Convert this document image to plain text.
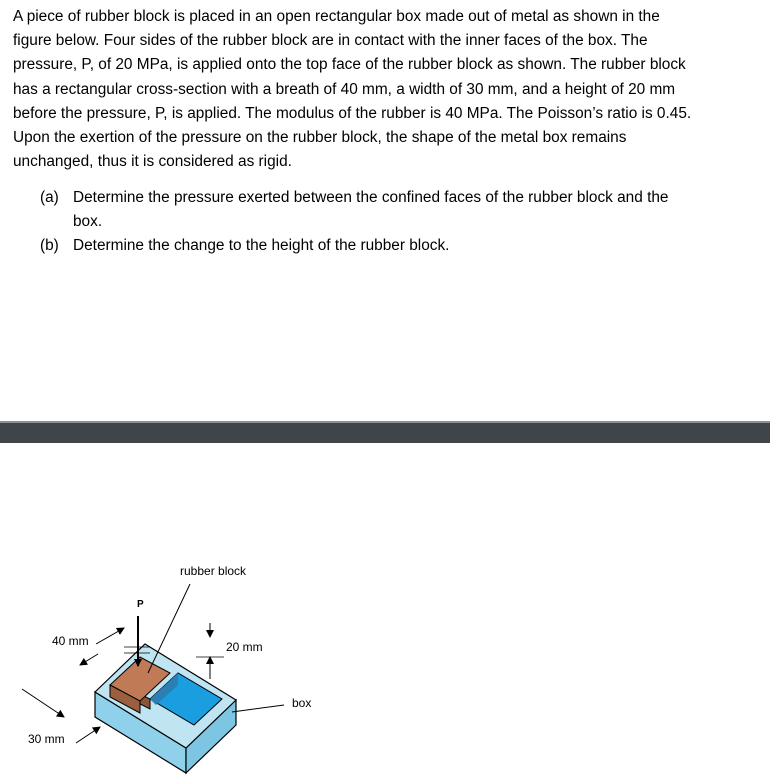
A piece of rubber block is placed in an open rectangular box made out of metal as shown in the

figure below. Four sides of the rubber block are in contact with the inner faces of the box. The

pressure, P, of 20 MPa, is applied onto the top face of the rubber block as shown. The rubber block

has a rectangular cross-section with a breath of 40 mm, a width of 30 mm, and a height of 20 mm

before the pressure, P, is applied. The modulus of the rubber is 40 MPa. The Poisson’s ratio is 0.45.

Upon the exertion of the pressure on the rubber block, the shape of the metal box remains

unchanged, thus it is considered as rigid.

(a) Determine the pressure exerted between the confined faces of the rubber block and the
box.
(b) Determine the change to the height of the rubber block.
rubber block
P
40 mm	20 mm
30 mm
box
